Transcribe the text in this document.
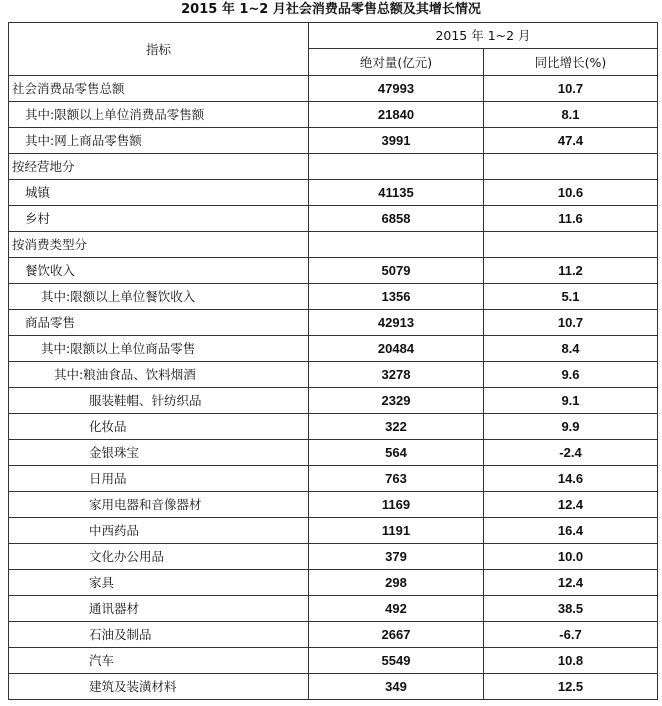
2015 年 1~2 月社会消费品零售总额及其增长情况
指标	2015 年 1~2 月	
	绝对量(亿元)	同比增长(%)
社会消费品零售总额	47993	10.7
其中:限额以上单位消费品零售额	21840	8.1
其中:网上商品零售额	3991	47.4
按经营地分		
城镇	41135	10.6
乡村	6858	11.6
按消费类型分		
餐饮收入	5079	11.2
其中:限额以上单位餐饮收入	1356	5.1
商品零售	42913	10.7
其中:限额以上单位商品零售	20484	8.4
其中:粮油食品、饮料烟酒	3278	9.6
服装鞋帽、针纺织品	2329	9.1
化妆品	322	9.9
金银珠宝	564	-2.4
日用品	763	14.6
家用电器和音像器材	1169	12.4
中西药品	1191	16.4
文化办公用品	379	10.0
家具	298	12.4
通讯器材	492	38.5
石油及制品	2667	-6.7
汽车	5549	10.8
建筑及装潢材料	349	12.5
